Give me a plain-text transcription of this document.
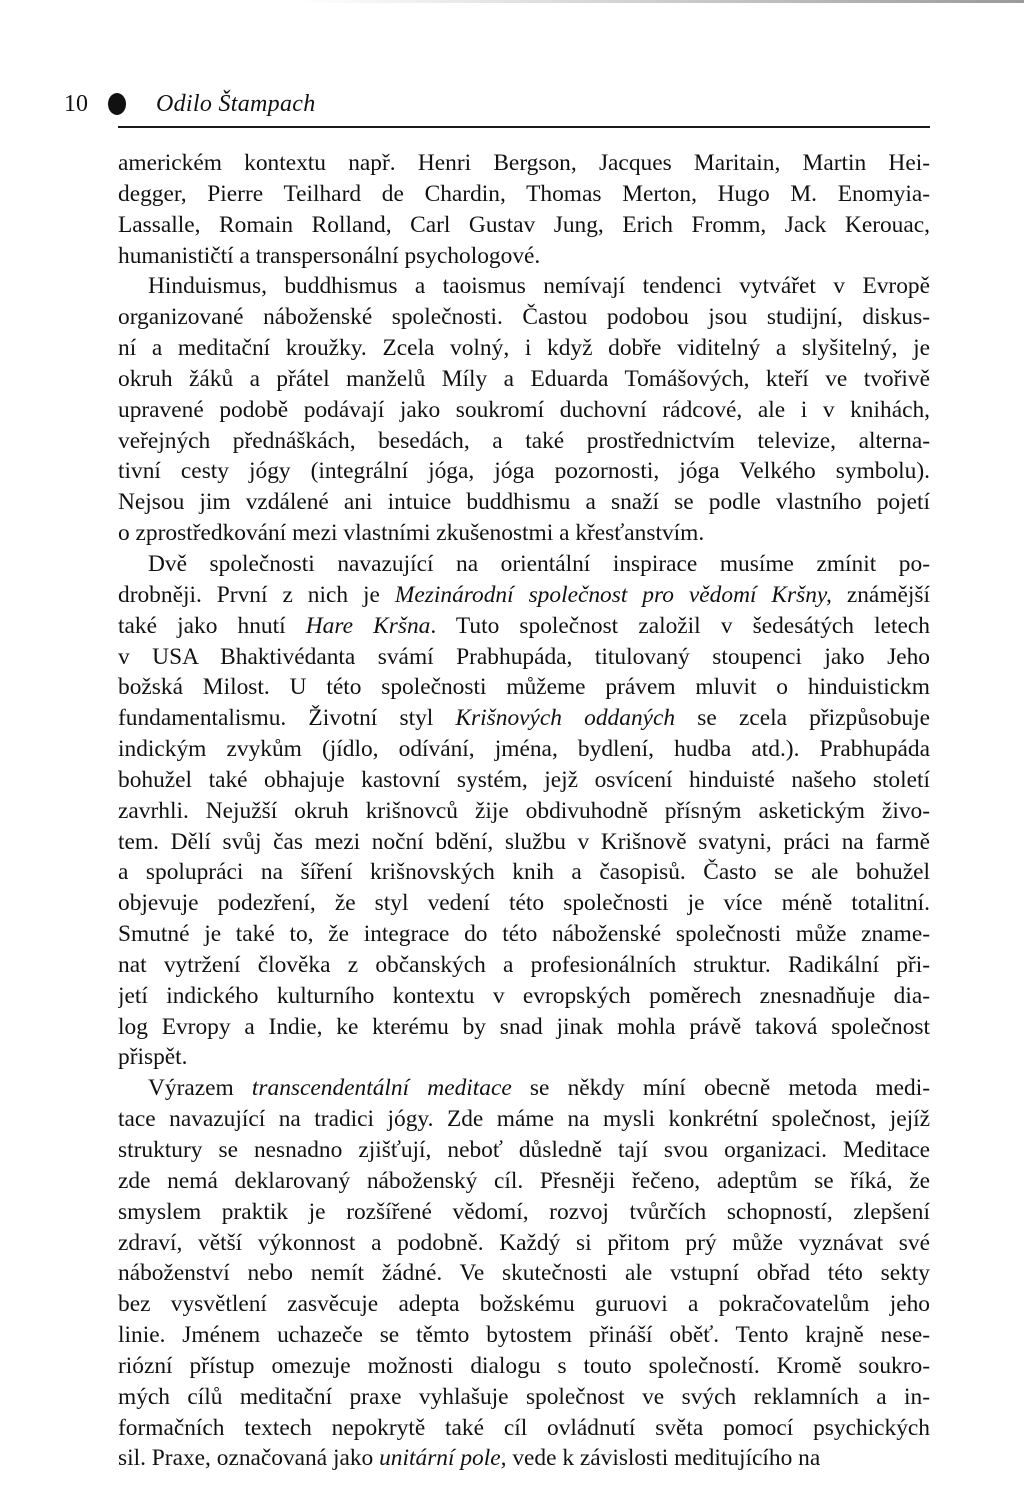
10	Odilo Štampach
americkém kontextu např. Henri Bergson, Jacques Maritain, Martin Hei-
degger, Pierre Teilhard de Chardin, Thomas Merton, Hugo M. Enomyia-
Lassalle, Romain Rolland, Carl Gustav Jung, Erich Fromm, Jack Kerouac,
humanističtí a transpersonální psychologové.
Hinduismus, buddhismus a taoismus nemívají tendenci vytvářet v Evropě
organizované náboženské společnosti. Častou podobou jsou studijní, diskus-
ní a meditační kroužky. Zcela volný, i když dobře viditelný a slyšitelný, je
okruh žáků a přátel manželů Míly a Eduarda Tomášových, kteří ve tvořivě
upravené podobě podávají jako soukromí duchovní rádcové, ale i v knihách,
veřejných přednáškách, besedách, a také prostřednictvím televize, alterna-
tivní cesty jógy (integrální jóga, jóga pozornosti, jóga Velkého symbolu).
Nejsou jim vzdálené ani intuice buddhismu a snaží se podle vlastního pojetí
o zprostředkování mezi vlastními zkušenostmi a křesťanstvím.
Dvě společnosti navazující na orientální inspirace musíme zmínit po-
drobněji. První z nich je Mezinárodní společnost pro vědomí Kršny, známější
také jako hnutí Hare Kršna. Tuto společnost založil v šedesátých letech
v USA Bhaktivédanta svámí Prabhupáda, titulovaný stoupenci jako Jeho
božská Milost. U této společnosti můžeme právem mluvit o hinduistickm
fundamentalismu. Životní styl Krišnových oddaných se zcela přizpůsobuje
indickým zvykům (jídlo, odívání, jména, bydlení, hudba atd.). Prabhupáda
bohužel také obhajuje kastovní systém, jejž osvícení hinduisté našeho století
zavrhli. Nejužší okruh krišnovců žije obdivuhodně přísným asketickým živo-
tem. Dělí svůj čas mezi noční bdění, službu v Krišnově svatyni, práci na farmě
a spolupráci na šíření krišnovských knih a časopisů. Často se ale bohužel
objevuje podezření, že styl vedení této společnosti je více méně totalitní.
Smutné je také to, že integrace do této náboženské společnosti může zname-
nat vytržení člověka z občanských a profesionálních struktur. Radikální při-
jetí indického kulturního kontextu v evropských poměrech znesnadňuje dia-
log Evropy a Indie, ke kterému by snad jinak mohla právě taková společnost
přispět.
Výrazem transcendentální meditace se někdy míní obecně metoda medi-
tace navazující na tradici jógy. Zde máme na mysli konkrétní společnost, jejíž
struktury se nesnadno zjišťují, neboť důsledně tají svou organizaci. Meditace
zde nemá deklarovaný náboženský cíl. Přesněji řečeno, adeptům se říká, že
smyslem praktik je rozšířené vědomí, rozvoj tvůrčích schopností, zlepšení
zdraví, větší výkonnost a podobně. Každý si přitom prý může vyznávat své
náboženství nebo nemít žádné. Ve skutečnosti ale vstupní obřad této sekty
bez vysvětlení zasvěcuje adepta božskému guruovi a pokračovatelům jeho
linie. Jménem uchazeče se těmto bytostem přináší oběť. Tento krajně nese-
riózní přístup omezuje možnosti dialogu s touto společností. Kromě soukro-
mých cílů meditační praxe vyhlašuje společnost ve svých reklamních a in-
formačních textech nepokrytě také cíl ovládnutí světa pomocí psychických
sil. Praxe, označovaná jako unitární pole, vede k závislosti meditujícího na
